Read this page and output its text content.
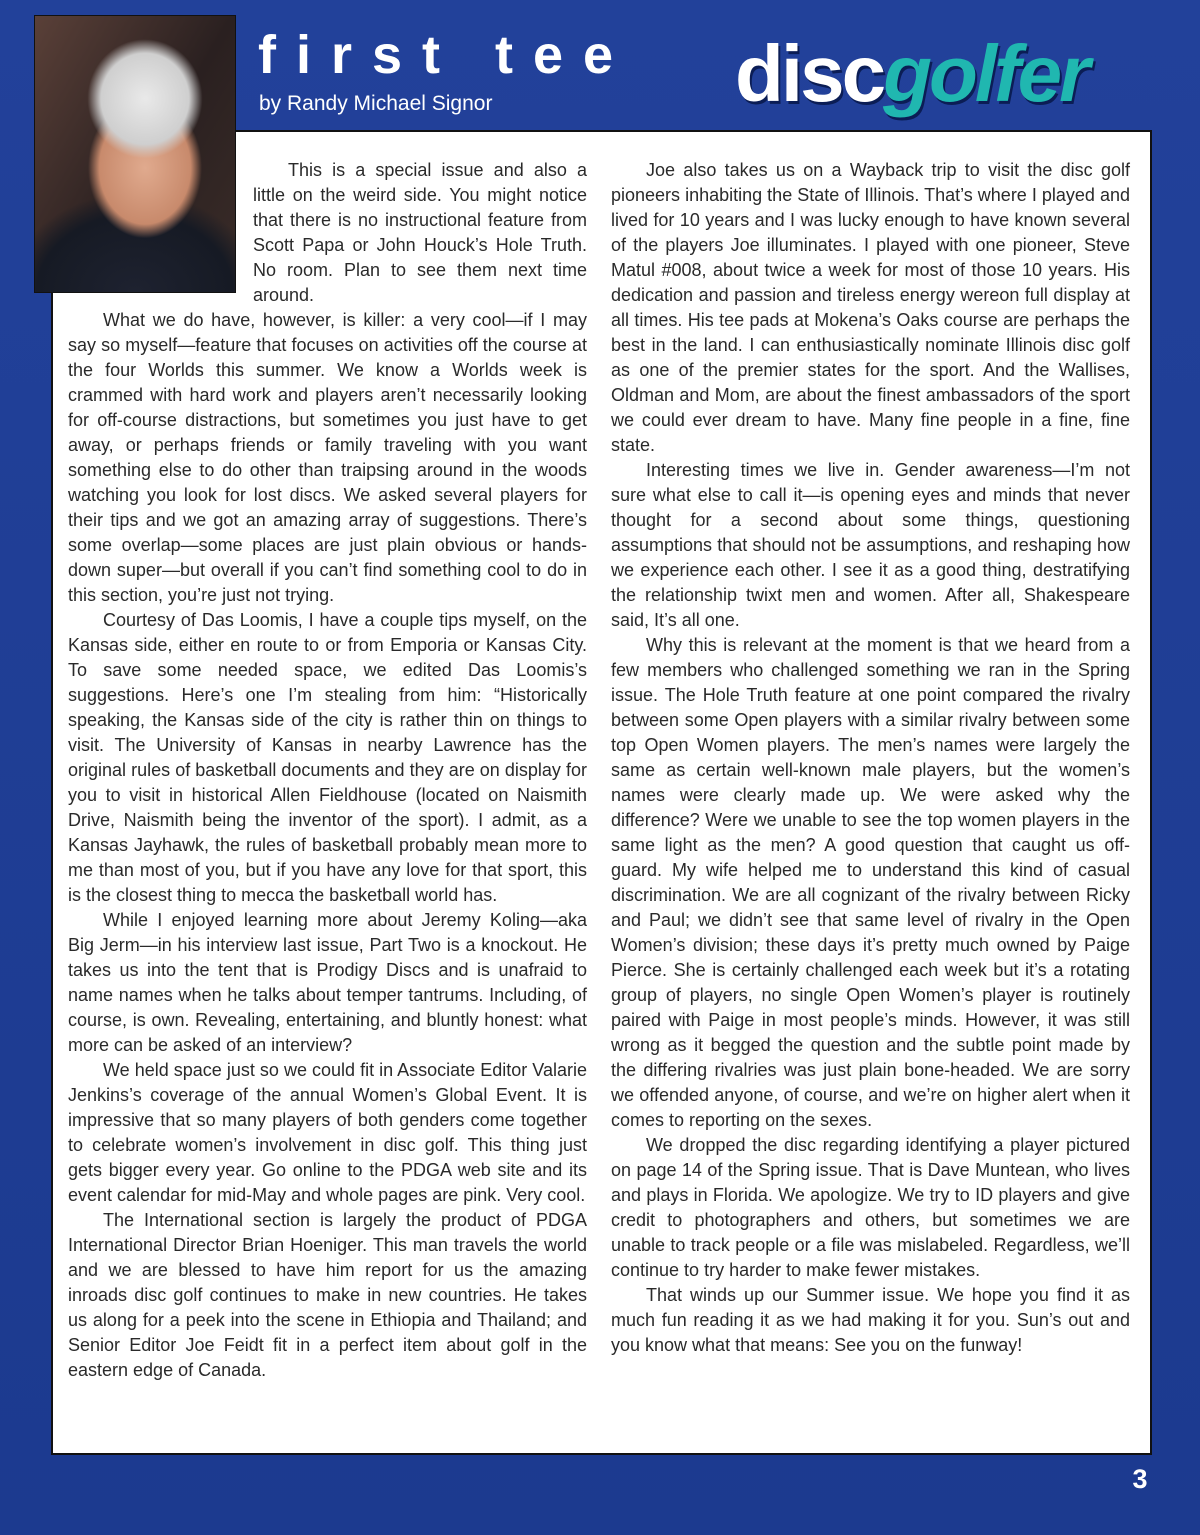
first tee
by Randy Michael Signor	discgolfer

This is a special issue and also a little on the weird side. You might notice that there is no instructional feature from Scott Papa or John Houck’s Hole Truth. No room. Plan to see them next time around.

What we do have, however, is killer: a very cool—if I may say so myself—feature that focuses on activities off the course at the four Worlds this summer. We know a Worlds week is crammed with hard work and players aren’t necessarily looking for off-course distractions, but sometimes you just have to get away, or perhaps friends or family traveling with you want something else to do other than traipsing around in the woods watching you look for lost discs. We asked several players for their tips and we got an amazing array of suggestions. There’s some overlap—some places are just plain obvious or hands-down super—but overall if you can’t find something cool to do in this section, you’re just not trying.

Courtesy of Das Loomis, I have a couple tips myself, on the Kansas side, either en route to or from Emporia or Kansas City. To save some needed space, we edited Das Loomis’s suggestions. Here’s one I’m stealing from him: “Historically speaking, the Kansas side of the city is rather thin on things to visit. The University of Kansas in nearby Lawrence has the original rules of basketball documents and they are on display for you to visit in historical Allen Fieldhouse (located on Naismith Drive, Naismith being the inventor of the sport). I admit, as a Kansas Jayhawk, the rules of basketball probably mean more to me than most of you, but if you have any love for that sport, this is the closest thing to mecca the basketball world has.

While I enjoyed learning more about Jeremy Koling—aka Big Jerm—in his interview last issue, Part Two is a knockout. He takes us into the tent that is Prodigy Discs and is unafraid to name names when he talks about temper tantrums. Including, of course, is own. Revealing, entertaining, and bluntly honest: what more can be asked of an interview?

We held space just so we could fit in Associate Editor Valarie Jenkins’s coverage of the annual Women’s Global Event. It is impressive that so many players of both genders come together to celebrate women’s involvement in disc golf. This thing just gets bigger every year. Go online to the PDGA web site and its event calendar for mid-May and whole pages are pink. Very cool.

The International section is largely the product of PDGA International Director Brian Hoeniger. This man travels the world and we are blessed to have him report for us the amazing inroads disc golf continues to make in new countries. He takes us along for a peek into the scene in Ethiopia and Thailand; and Senior Editor Joe Feidt fit in a perfect item about golf in the eastern edge of Canada.

Joe also takes us on a Wayback trip to visit the disc golf pioneers inhabiting the State of Illinois. That’s where I played and lived for 10 years and I was lucky enough to have known several of the players Joe illuminates. I played with one pioneer, Steve Matul #008, about twice a week for most of those 10 years. His dedication and passion and tireless energy wereon full display at all times. His tee pads at Mokena’s Oaks course are perhaps the best in the land. I can enthusiastically nominate Illinois disc golf as one of the premier states for the sport. And the Wallises, Oldman and Mom, are about the finest ambassadors of the sport we could ever dream to have. Many fine people in a fine, fine state.

Interesting times we live in. Gender awareness—I’m not sure what else to call it—is opening eyes and minds that never thought for a second about some things, questioning assumptions that should not be assumptions, and reshaping how we experience each other. I see it as a good thing, destratifying the relationship twixt men and women. After all, Shakespeare said, It’s all one.

Why this is relevant at the moment is that we heard from a few members who challenged something we ran in the Spring issue. The Hole Truth feature at one point compared the rivalry between some Open players with a similar rivalry between some top Open Women players. The men’s names were largely the same as certain well-known male players, but the women’s names were clearly made up. We were asked why the difference? Were we unable to see the top women players in the same light as the men? A good question that caught us off-guard. My wife helped me to understand this kind of casual discrimination. We are all cognizant of the rivalry between Ricky and Paul; we didn’t see that same level of rivalry in the Open Women’s division; these days it’s pretty much owned by Paige Pierce. She is certainly challenged each week but it’s a rotating group of players, no single Open Women’s player is routinely paired with Paige in most people’s minds. However, it was still wrong as it begged the question and the subtle point made by the differing rivalries was just plain bone-headed. We are sorry we offended anyone, of course, and we’re on higher alert when it comes to reporting on the sexes.

We dropped the disc regarding identifying a player pictured on page 14 of the Spring issue. That is Dave Muntean, who lives and plays in Florida. We apologize. We try to ID players and give credit to photographers and others, but sometimes we are unable to track people or a file was mislabeled. Regardless, we’ll continue to try harder to make fewer mistakes.

That winds up our Summer issue. We hope you find it as much fun reading it as we had making it for you. Sun’s out and you know what that means: See you on the funway!

3
